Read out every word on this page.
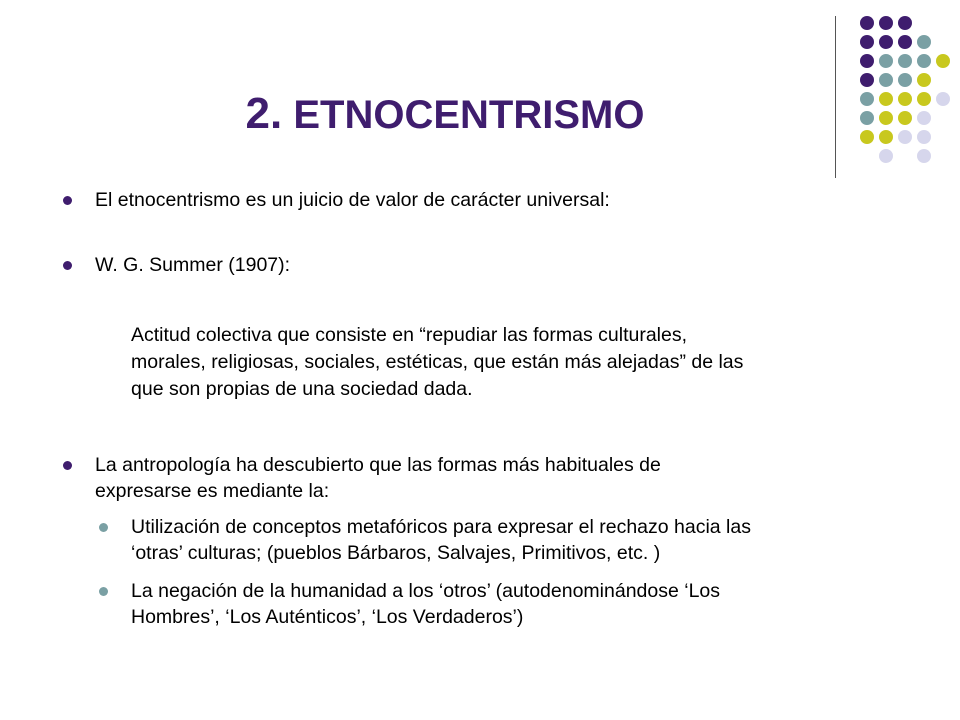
2. ETNOCENTRISMO
El etnocentrismo es un juicio de valor de carácter universal:
W. G. Summer (1907):
Actitud colectiva que consiste en “repudiar las formas culturales,
morales, religiosas, sociales, estéticas, que están más alejadas” de las
que son propias de una sociedad dada.
La antropología ha descubierto que las formas más habituales de
expresarse es mediante la:
Utilización de conceptos metafóricos para expresar el rechazo hacia las
‘otras’ culturas; (pueblos Bárbaros, Salvajes, Primitivos, etc. )
La negación de la humanidad a los ‘otros’ (autodenominándose ‘Los
Hombres’, ‘Los Auténticos’, ‘Los Verdaderos’)
